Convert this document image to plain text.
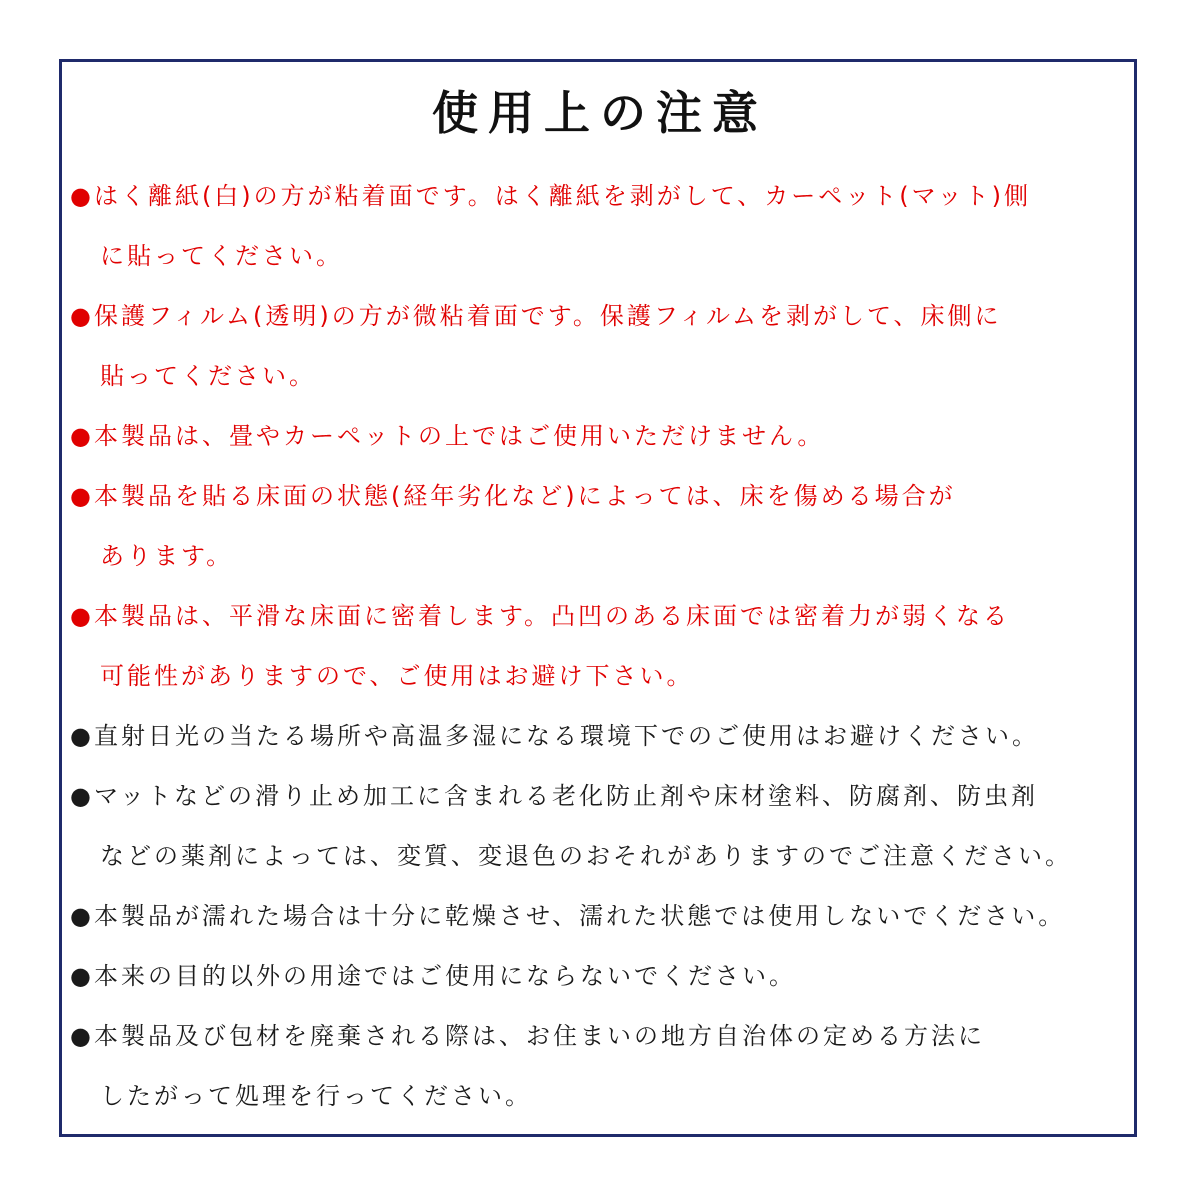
使用上の注意
●はく離紙(白)の方が粘着面です。はく離紙を剥がして、カーペット(マット)側
に貼ってください。
●保護フィルム(透明)の方が微粘着面です。保護フィルムを剥がして、床側に
貼ってください。
●本製品は、畳やカーペットの上ではご使用いただけません。
●本製品を貼る床面の状態(経年劣化など)によっては、床を傷める場合が
あります。
●本製品は、平滑な床面に密着します。凸凹のある床面では密着力が弱くなる
可能性がありますので、ご使用はお避け下さい。
●直射日光の当たる場所や高温多湿になる環境下でのご使用はお避けください。
●マットなどの滑り止め加工に含まれる老化防止剤や床材塗料、防腐剤、防虫剤
などの薬剤によっては、変質、変退色のおそれがありますのでご注意ください。
●本製品が濡れた場合は十分に乾燥させ、濡れた状態では使用しないでください。
●本来の目的以外の用途ではご使用にならないでください。
●本製品及び包材を廃棄される際は、お住まいの地方自治体の定める方法に
したがって処理を行ってください。
